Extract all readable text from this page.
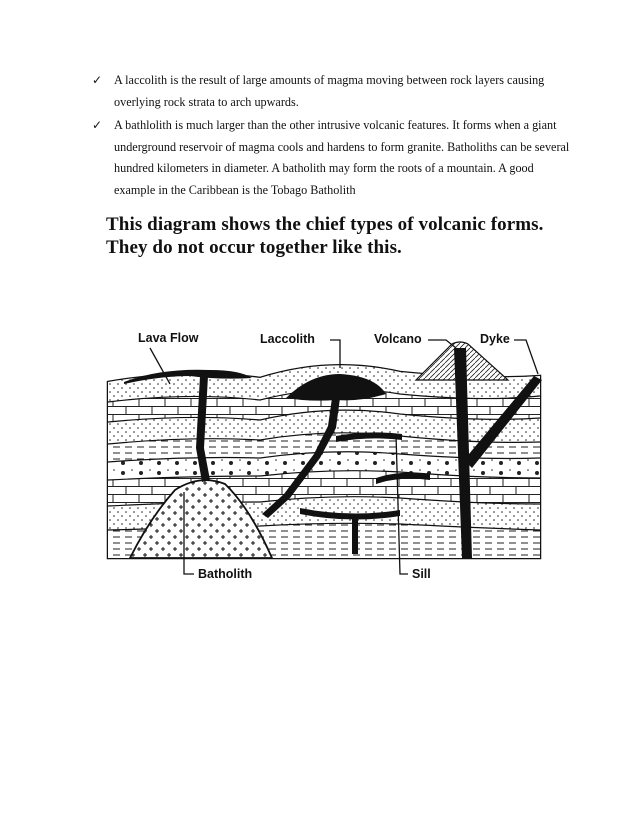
✓ A laccolith is the result of large amounts of magma moving between rock layers causing overlying rock strata to arch upwards.
✓ A bathlolith is much larger than the other intrusive volcanic features. It forms when a giant underground reservoir of magma cools and hardens to form granite. Batholiths can be several hundred kilometers in diameter. A batholith may form the roots of a mountain. A good example in the Caribbean is the Tobago Batholith
This diagram shows the chief types of volcanic forms. They do not occur together like this.
Lava Flow	Laccolith	Volcano	Dyke
Batholith	Sill
